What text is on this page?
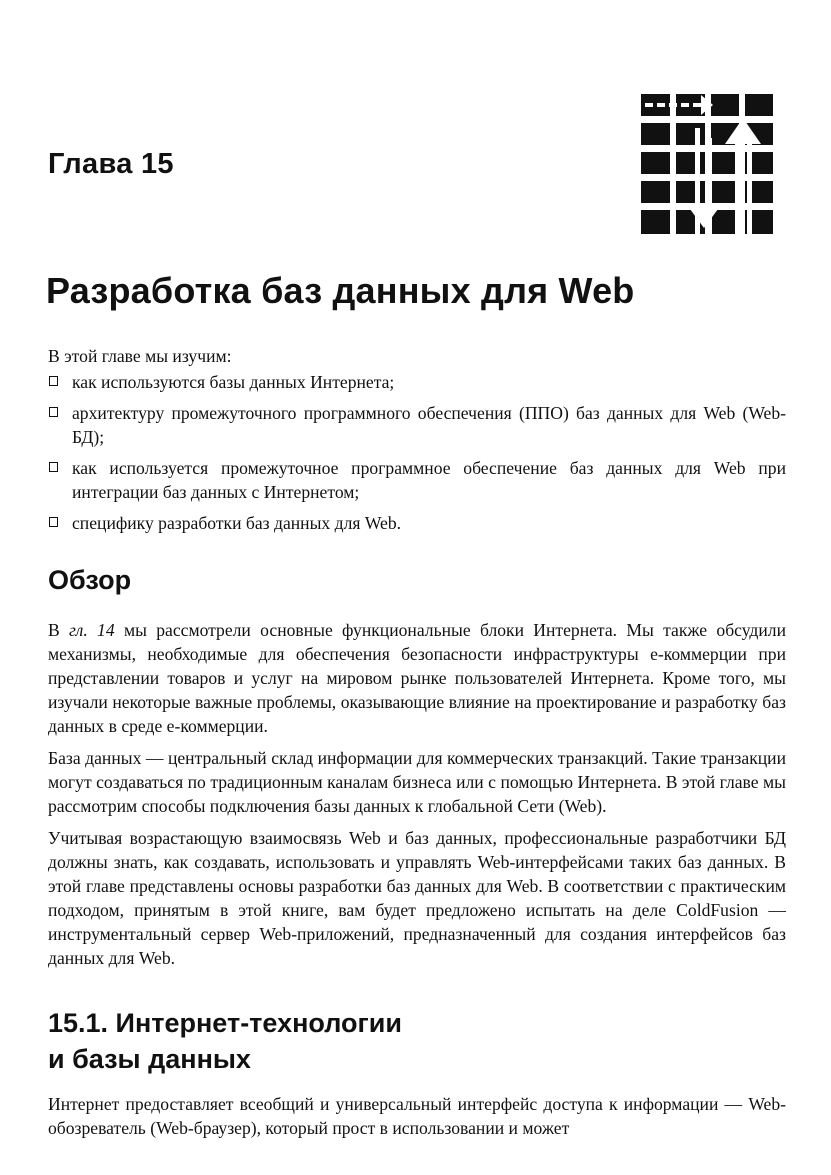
Глава 15
Разработка баз данных для Web

В этой главе мы изучим:

как используются базы данных Интернета;
архитектуру промежуточного программного обеспечения (ППО) баз данных для Web (Web-БД);
как используется промежуточное программное обеспечение баз данных для Web при интеграции баз данных с Интернетом;
специфику разработки баз данных для Web.
Обзор

В гл. 14 мы рассмотрели основные функциональные блоки Интернета. Мы также обсудили механизмы, необходимые для обеспечения безопасности инфраструктуры е-коммерции при представлении товаров и услуг на мировом рынке пользователей Интернета. Кроме того, мы изучали некоторые важные проблемы, оказывающие влияние на проектирование и разработку баз данных в среде е-коммерции.

База данных — центральный склад информации для коммерческих транзакций. Такие транзакции могут создаваться по традиционным каналам бизнеса или с помощью Интернета. В этой главе мы рассмотрим способы подключения базы данных к глобальной Сети (Web).

Учитывая возрастающую взаимосвязь Web и баз данных, профессиональные разработчики БД должны знать, как создавать, использовать и управлять Web-интерфейсами таких баз данных. В этой главе представлены основы разработки баз данных для Web. В соответствии с практическим подходом, принятым в этой книге, вам будет предложено испытать на деле ColdFusion — инструментальный сервер Web-приложений, предназначенный для создания интерфейсов баз данных для Web.

15.1. Интернет-технологии
и базы данных

Интернет предоставляет всеобщий и универсальный интерфейс доступа к информации — Web-обозреватель (Web-браузер), который прост в использовании и может
